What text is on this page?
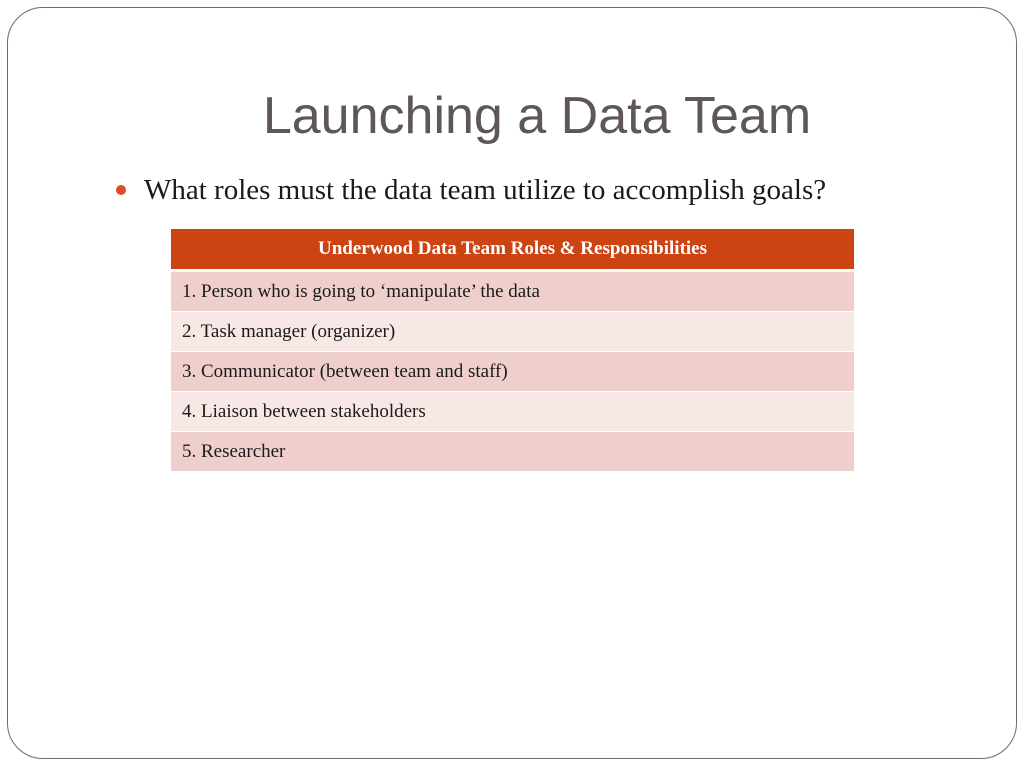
Launching a Data Team
What roles must the data team utilize to accomplish goals?
Underwood Data Team Roles & Responsibilities
1. Person who is going to ‘manipulate’ the data
2. Task manager (organizer)
3. Communicator (between team and staff)
4. Liaison between stakeholders
5. Researcher
